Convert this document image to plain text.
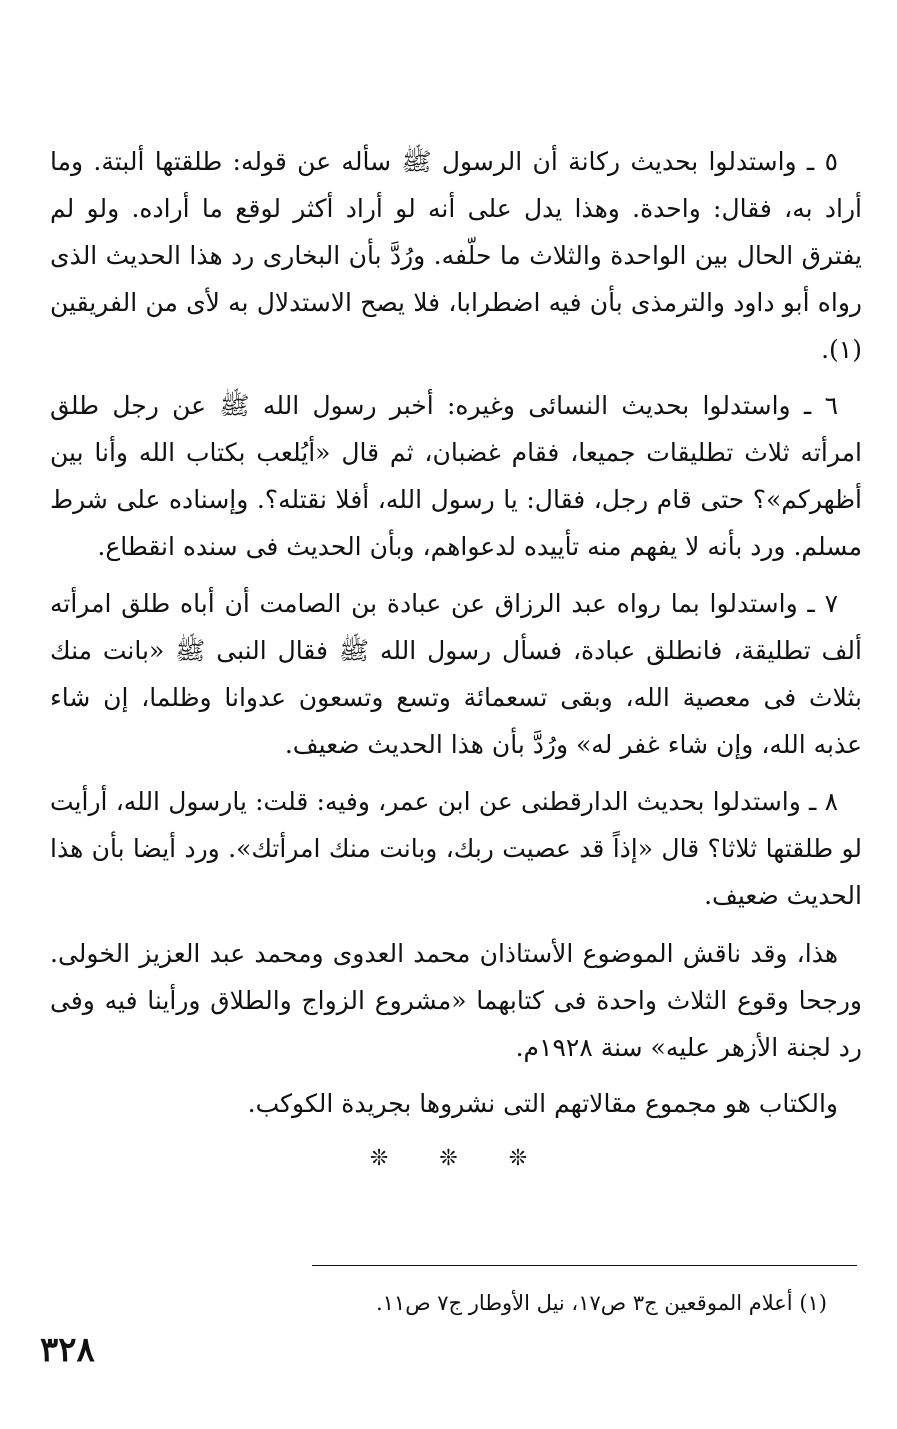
٥ ـ واستدلوا بحديث ركانة أن الرسول ﷺ سأله عن قوله: طلقتها ألبتة. وما أراد به، فقال: واحدة. وهذا يدل على أنه لو أراد أكثر لوقع ما أراده. ولو لم يفترق الحال بين الواحدة والثلاث ما حلّفه. ورُدَّ بأن البخارى رد هذا الحديث الذى رواه أبو داود والترمذى بأن فيه اضطرابا، فلا يصح الاستدلال به لأى من الفريقين (١).

٦ ـ واستدلوا بحديث النسائى وغيره: أخبر رسول الله ﷺ عن رجل طلق امرأته ثلاث تطليقات جميعا، فقام غضبان، ثم قال «أيُلعب بكتاب الله وأنا بين أظهركم»؟ حتى قام رجل، فقال: يا رسول الله، أفلا نقتله؟. وإسناده على شرط مسلم. ورد بأنه لا يفهم منه تأييده لدعواهم، وبأن الحديث فى سنده انقطاع.

٧ ـ واستدلوا بما رواه عبد الرزاق عن عبادة بن الصامت أن أباه طلق امرأته ألف تطليقة، فانطلق عبادة، فسأل رسول الله ﷺ فقال النبى ﷺ «بانت منك بثلاث فى معصية الله، وبقى تسعمائة وتسع وتسعون عدوانا وظلما، إن شاء عذبه الله، وإن شاء غفر له» ورُدَّ بأن هذا الحديث ضعيف.

٨ ـ واستدلوا بحديث الدارقطنى عن ابن عمر، وفيه: قلت: يارسول الله، أرأيت لو طلقتها ثلاثا؟ قال «إذاً قد عصيت ربك، وبانت منك امرأتك». ورد أيضا بأن هذا الحديث ضعيف.

هذا، وقد ناقش الموضوع الأستاذان محمد العدوى ومحمد عبد العزيز الخولى. ورجحا وقوع الثلاث واحدة فى كتابهما «مشروع الزواج والطلاق ورأينا فيه وفى رد لجنة الأزهر عليه» سنة ١٩٢٨م.

والكتاب هو مجموع مقالاتهم التى نشروها بجريدة الكوكب.

❊ ❊ ❊
(١) أعلام الموقعين ج٣ ص١٧، نيل الأوطار ج٧ ص١١.
٣٢٨
